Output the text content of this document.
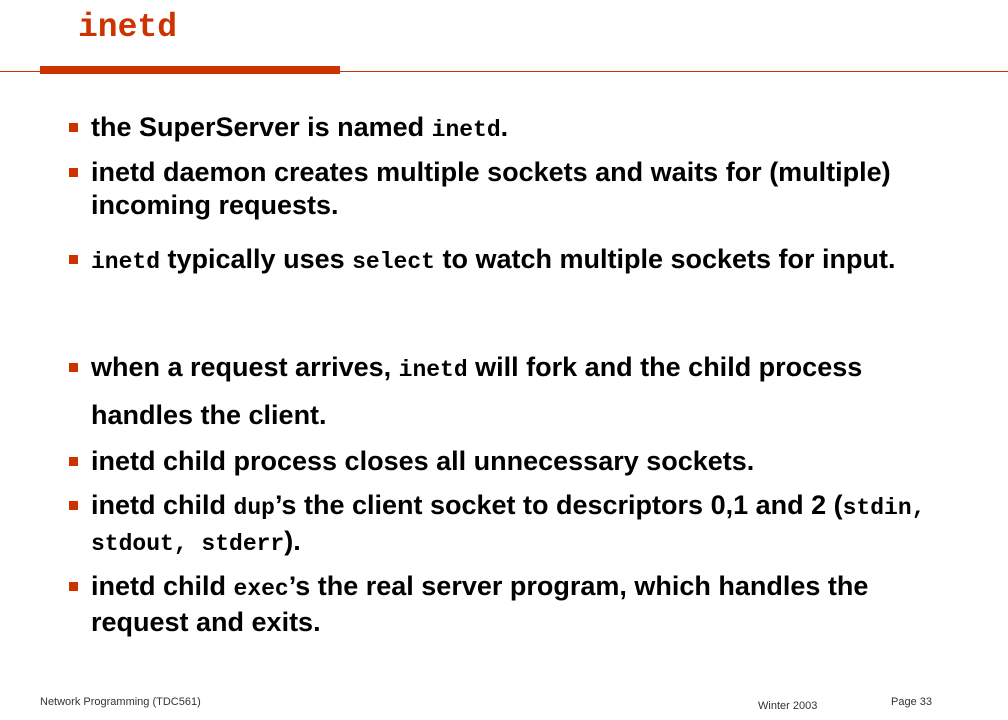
inetd
the SuperServer is named inetd.
inetd daemon creates multiple sockets and waits for (multiple) incoming requests.
inetd typically uses select to watch multiple sockets for input.
when a request arrives, inetd will fork and the child process handles the client.
inetd child process closes all unnecessary sockets.
inetd child dup’s the client socket to descriptors 0,1 and 2 (stdin, stdout, stderr).
inetd child exec’s the real server program, which handles the request and exits.
Network Programming (TDC561)	Winter 2003	Page 33
